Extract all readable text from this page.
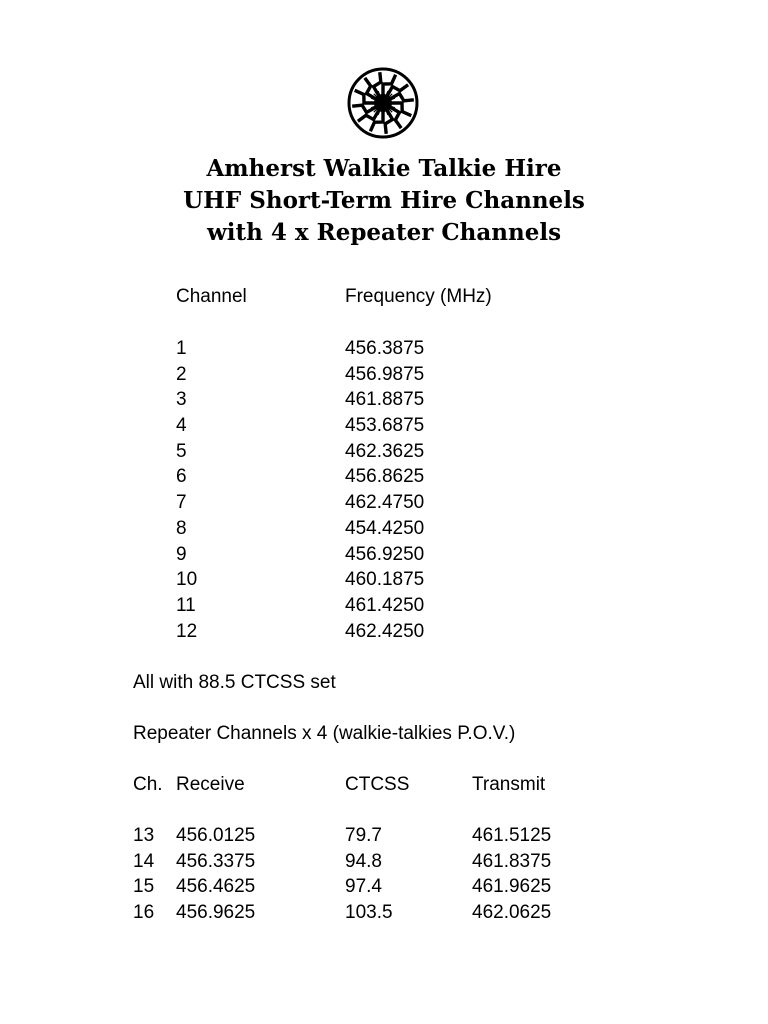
Amherst Walkie Talkie Hire
UHF Short-Term Hire Channels
with 4 x Repeater Channels
Channel	Frequency (MHz)
1	456.3875
2	456.9875
3	461.8875
4	453.6875
5	462.3625
6	456.8625
7	462.4750
8	454.4250
9	456.9250
10	460.1875
11	461.4250
12	462.4250
All with 88.5 CTCSS set
Repeater Channels x 4 (walkie-talkies P.O.V.)
Ch. Receive	CTCSS	Transmit
13 456.0125	79.7	461.5125
14 456.3375	94.8	461.8375
15 456.4625	97.4	461.9625
16 456.9625	103.5	462.0625
